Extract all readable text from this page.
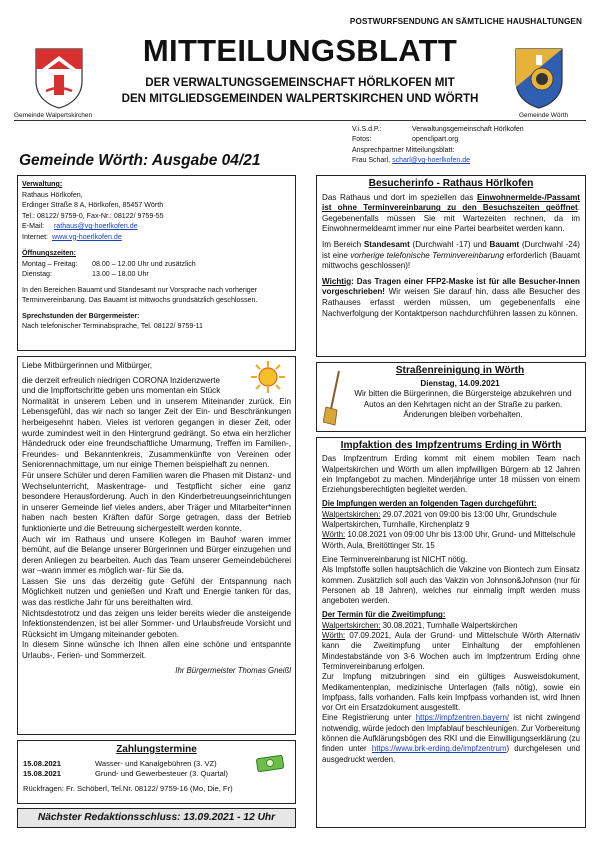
POSTWURFSENDUNG AN SÄMTLICHE HAUSHALTUNGEN
Gemeinde Walpertskirchen	Gemeinde Wörth
MITTEILUNGSBLATT
DER VERWALTUNGSGEMEINSCHAFT HÖRLKOFEN MIT
DEN MITGLIEDSGEMEINDEN WALPERTSKIRCHEN UND WÖRTH
V.i.S.d.P.:	Verwaltungsgemeinschaft Hörlkofen
Fotos:	openclipart.org
Ansprechpartner Mitteilungsblatt:
Frau Scharl,
scharl@vg-hoerlkofen.de
Gemeinde Wörth: Ausgabe 04/21
Verwaltung:
Rathaus Hörlkofen,
Erdinger Straße 8 A, Hörlkofen, 85457 Wörth
Tel.: 08122/ 9759-0, Fax-Nr.: 08122/ 9759-55
E-Mail: rathaus@vg-hoerlkofen.de
Internet: www.vg-hoerlkofen.de
Öffnungszeiten:
Montag – Freitag:	08.00 – 12.00 Uhr und zusätzlich
Dienstag:	13.00 – 18.00 Uhr
In den Bereichen Bauamt und Standesamt nur Vorsprache nach vorheriger Terminvereinbarung. Das Bauamt ist mittwochs grundsätzlich geschlossen.
Sprechstunden der Bürgermeister:
Nach telefonischer Terminabsprache, Tel. 08122/ 9759-11

Liebe Mitbürgerinnen und Mitbürger,

die derzeit erfreulich niedrigen CORONA Inzidenzwerte

und die Impffortschritte geben uns momentan ein Stück

Normalität in unserem Leben und in unserem Miteinander zurück. Ein Lebensgefühl, das wir nach so langer Zeit der Ein- und Beschränkungen herbeigesehnt haben. Vieles ist verloren gegangen in dieser Zeit, oder wurde zumindest weit in den Hintergrund gedrängt. So etwa ein herzlicher Händedruck oder eine freundschaftliche Umarmung, Treffen im Familien-, Freundes- und Bekanntenkreis, Zusammenkünfte von Vereinen oder Seniorennachmittage, um nur einige Themen beispielhaft zu nennen.

Für unsere Schüler und deren Familien waren die Phasen mit Distanz- und Wechselunterricht, Maskentrage- und Testpflicht sicher eine ganz besondere Herausforderung. Auch in den Kinderbetreuungseinrichtungen in unserer Gemeinde lief vieles anders, aber Träger und Mitarbeiter*innen haben nach besten Kräften dafür Sorge getragen, dass der Betrieb funktionierte und die Betreuung sichergestellt werden konnte.

Auch wir im Rathaus und unsere Kollegen im Bauhof waren immer bemüht, auf die Belange unserer Bürgerinnen und Bürger einzugehen und deren Anliegen zu bearbeiten. Auch das Team unserer Gemeindebücherei war –wann immer es möglich war- für Sie da.

Lassen Sie uns das derzeitig gute Gefühl der Entspannung nach Möglichkeit nutzen und genießen und Kraft und Energie tanken für das, was das restliche Jahr für uns bereithalten wird.

Nichtsdestotrotz und das zeigen uns leider bereits wieder die ansteigende Infektionstendenzen, ist bei aller Sommer- und Urlaubsfreude Vorsicht und Rücksicht im Umgang miteinander geboten.

In diesem Sinne wünsche ich Ihnen allen eine schöne und entspannte Urlaubs-, Ferien- und Sommerzeit.

Ihr Bürgermeister Thomas Gneißl

Zahlungstermine
15.08.2021	Wasser- und Kanalgebühren (3. VZ)
15.08.2021	Grund- und Gewerbesteuer (3. Quartal)
Rückfragen: Fr. Schöberl, Tel.Nr. 08122/ 9759-16 (Mo, Die, Fr)
Nächster Redaktionsschluss: 13.09.2021 - 12 Uhr
Besucherinfo - Rathaus Hörlkofen

Das Rathaus und dort im speziellen das Einwohnermelde-/Passamt ist ohne Terminvereinbarung zu den Besuchszeiten geöffnet. Gegebenenfalls müssen Sie mit Wartezeiten rechnen, da im Einwohnermeldeamt immer nur eine Partei bearbeitet werden kann.

Im Bereich Standesamt (Durchwahl -17) und Bauamt (Durchwahl -24) ist eine vorherige telefonische Terminvereinbarung erforderlich (Bauamt mittwochs geschlossen)!

Wichtig: Das Tragen einer FFP2-Maske ist für alle Besucher-Innen vorgeschrieben! Wir weisen Sie darauf hin, dass alle Besucher des Rathauses erfasst werden müssen, um gegebenenfalls eine Nachverfolgung der Kontaktperson nachdurchführen lassen zu können.

Straßenreinigung in Wörth
Dienstag, 14.09.2021
Wir bitten die Bürgerinnen, die Bürgersteige abzukehren und Autos an den Kehrtagen nicht an der Straße zu parken. Änderungen bleiben vorbehalten.
Impfaktion des Impfzentrums Erding in Wörth

Das Impfzentrum Erding kommt mit einem mobilen Team nach Walpertskirchen und Wörth um allen impfwilligen Bürgern ab 12 Jahren ein Impfangebot zu machen. Minderjährige unter 18 müssen von einem Erziehungsberechtigten begleitet werden.

Die Impfungen werden an folgenden Tagen durchgeführt:

Walpertskirchen: 29.07.2021 von 09:00 bis 13:00 Uhr, Grundschule Walpertskirchen, Turnhalle, Kirchenplatz 9

Wörth: 10.08.2021 von 09:00 Uhr bis 13:00 Uhr, Grund- und Mittelschule Wörth, Aula, Breitöttinger Str. 15

Eine Terminvereinbarung ist NICHT nötig.

Als Impfstoffe sollen hauptsächlich die Vakzine von Biontech zum Einsatz kommen. Zusätzlich soll auch das Vakzin von Johnson&Johnson (nur für Personen ab 18 Jahren), welches nur einmalig impft werden muss angeboten werden.

Der Termin für die Zweitimpfung:

Walpertskirchen: 30.08.2021, Turnhalle Walpertskirchen

Wörth: 07.09.2021, Aula der Grund- und Mittelschule Wörth Alternativ kann die Zweitimpfung unter Einhaltung der empfohlenen Mindestabstände von 3-6 Wochen auch im Impfzentrum Erding ohne Terminvereinbarung erfolgen.

Zur Impfung mitzubringen sind ein gültiges Ausweisdokument, Medikamentenplan, medizinische Unterlagen (falls nötig), sowie ein Impfpass, falls vorhanden. Falls kein Impfpass vorhanden ist, wird Ihnen vor Ort ein Ersatzdokument ausgestellt.

Eine Registrierung unter https://impfzentren.bayern/ ist nicht zwingend notwendig, würde jedoch den Impfablauf beschleunigen. Zur Vorbereitung können die Aufklärungsbögen des RKI und die Einwilligungserklärung (zu finden unter https://www.brk-erding.de/impfzentrum) durchgelesen und ausgedruckt werden.
